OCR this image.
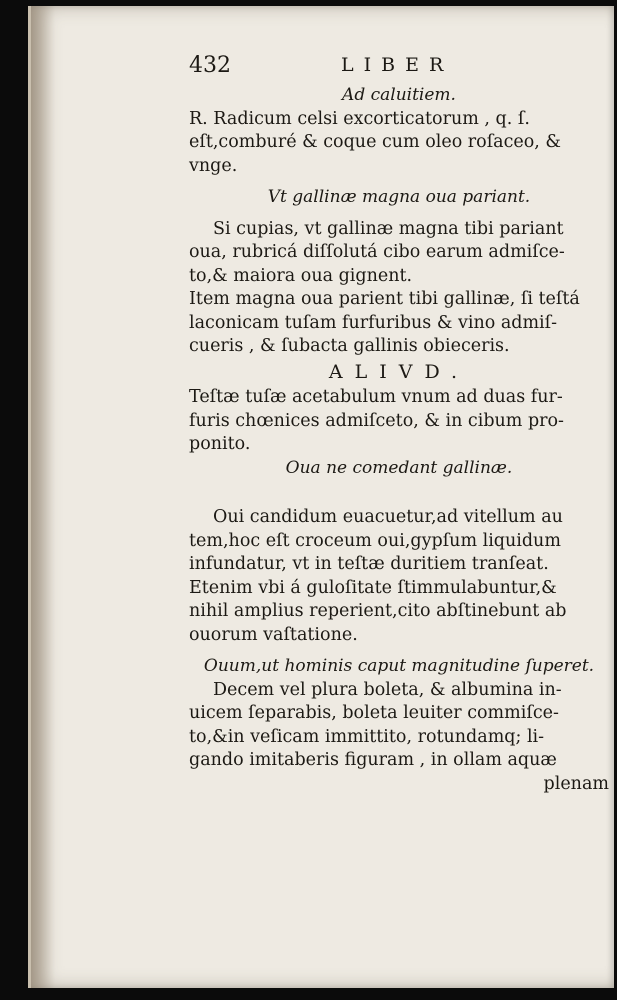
432	LIBER

Ad caluitiem.

R. Radicum celsi excorticatorum , q. ſ.
eſt,comburé & coque cum oleo roſaceo, &
vnge.

Vt gallinæ magna oua pariant.

Si cupias, vt gallinæ magna tibi pariant
oua, rubricá diſſolutá cibo earum admiſce-
to,& maiora oua gignent.
Item magna oua parient tibi gallinæ, ſi teſtá
laconicam tuſam furfuribus & vino admiſ-
cueris , & ſubacta gallinis obieceris.

ALIVD.

Teſtæ tuſæ acetabulum vnum ad duas fur-
furis chœnices admiſceto, & in cibum pro-
ponito.

Oua ne comedant gallinæ.

Oui candidum euacuetur,ad vitellum au
tem,hoc eſt croceum oui,gypſum liquidum
infundatur, vt in teſtæ duritiem tranſeat.
Etenim vbi á guloſitate ſtimmulabuntur,&
nihil amplius reperient,cito abſtinebunt ab
ouorum vaſtatione.

Ouum,ut hominis caput magnitudine ſuperet.

Decem vel plura boleta, & albumina in-
uicem ſeparabis, boleta leuiter commiſce-
to,&in veſicam immittito, rotundamq; li-
gando imitaberis figuram , in ollam aquæ
plenam
